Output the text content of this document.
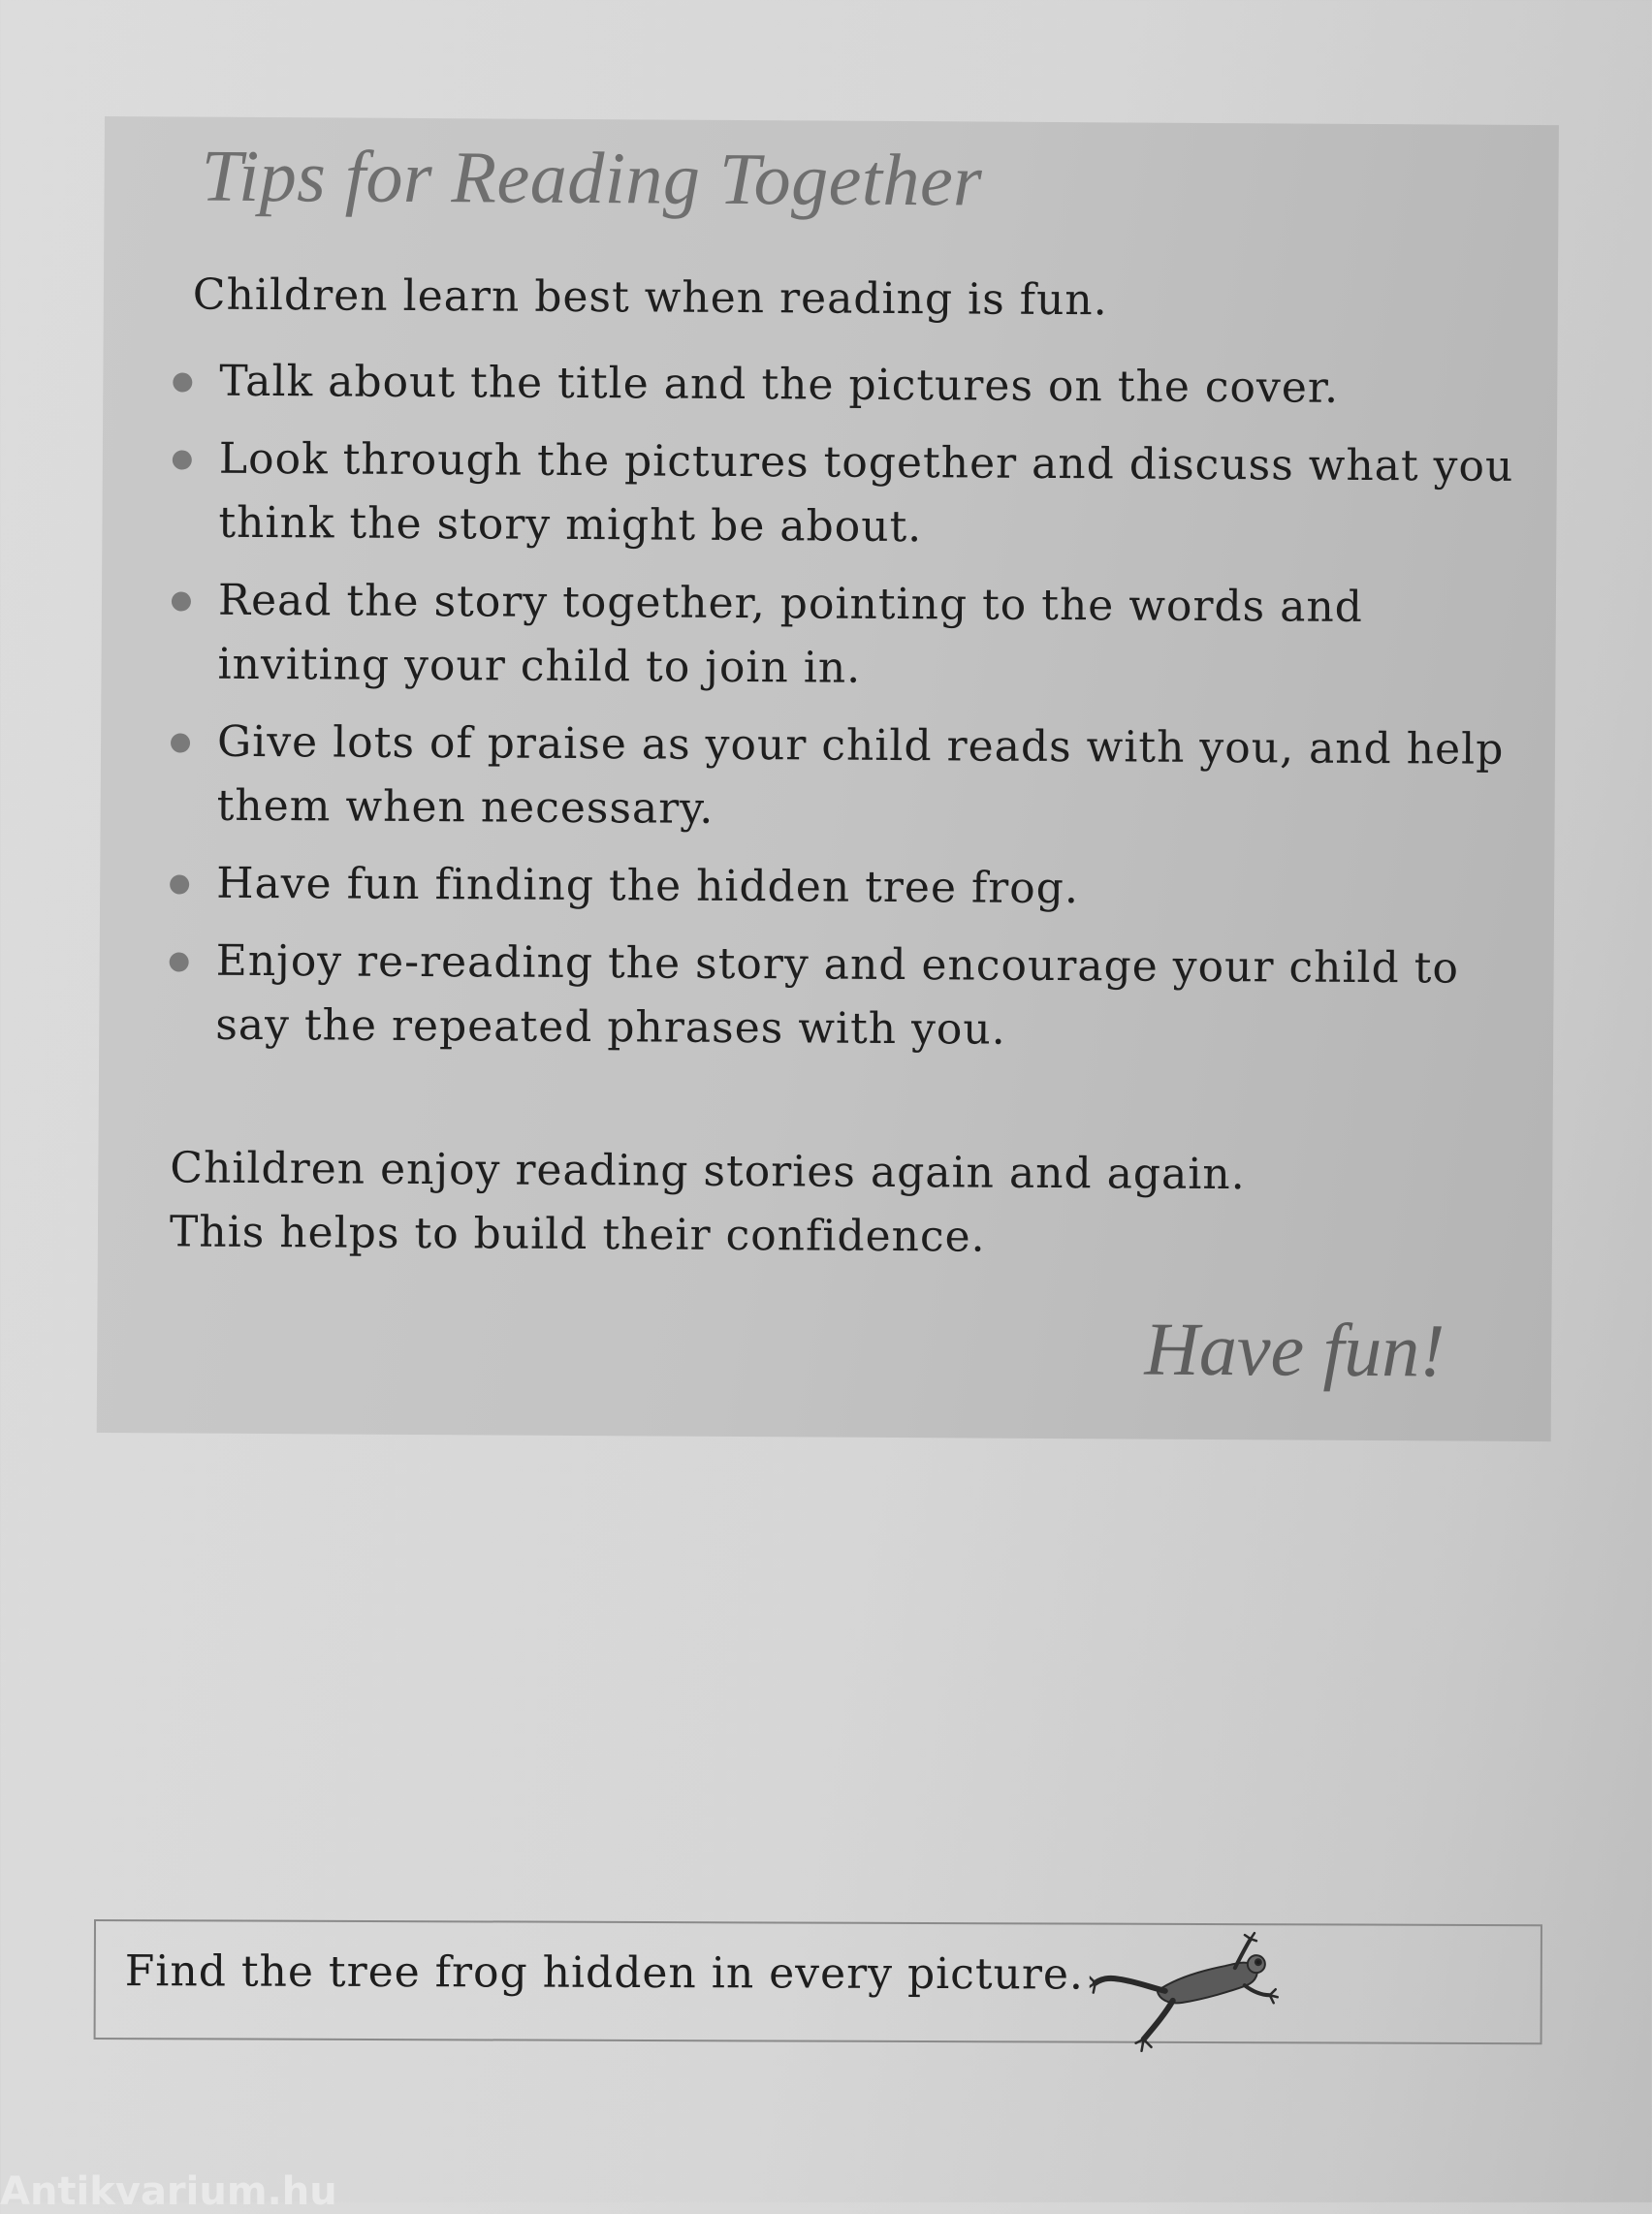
Tips for Reading Together

Children learn best when reading is fun.

Talk about the title and the pictures on the cover.
Look through the pictures together and discuss what you think the story might be about.
Read the story together, pointing to the words and inviting your child to join in.
Give lots of praise as your child reads with you, and help them when necessary.
Have fun finding the hidden tree frog.
Enjoy re-reading the story and encourage your child to say the repeated phrases with you.

Children enjoy reading stories again and again.
This helps to build their confidence.

Have fun!

Find the tree frog hidden in every picture.

Antikvarium.hu
